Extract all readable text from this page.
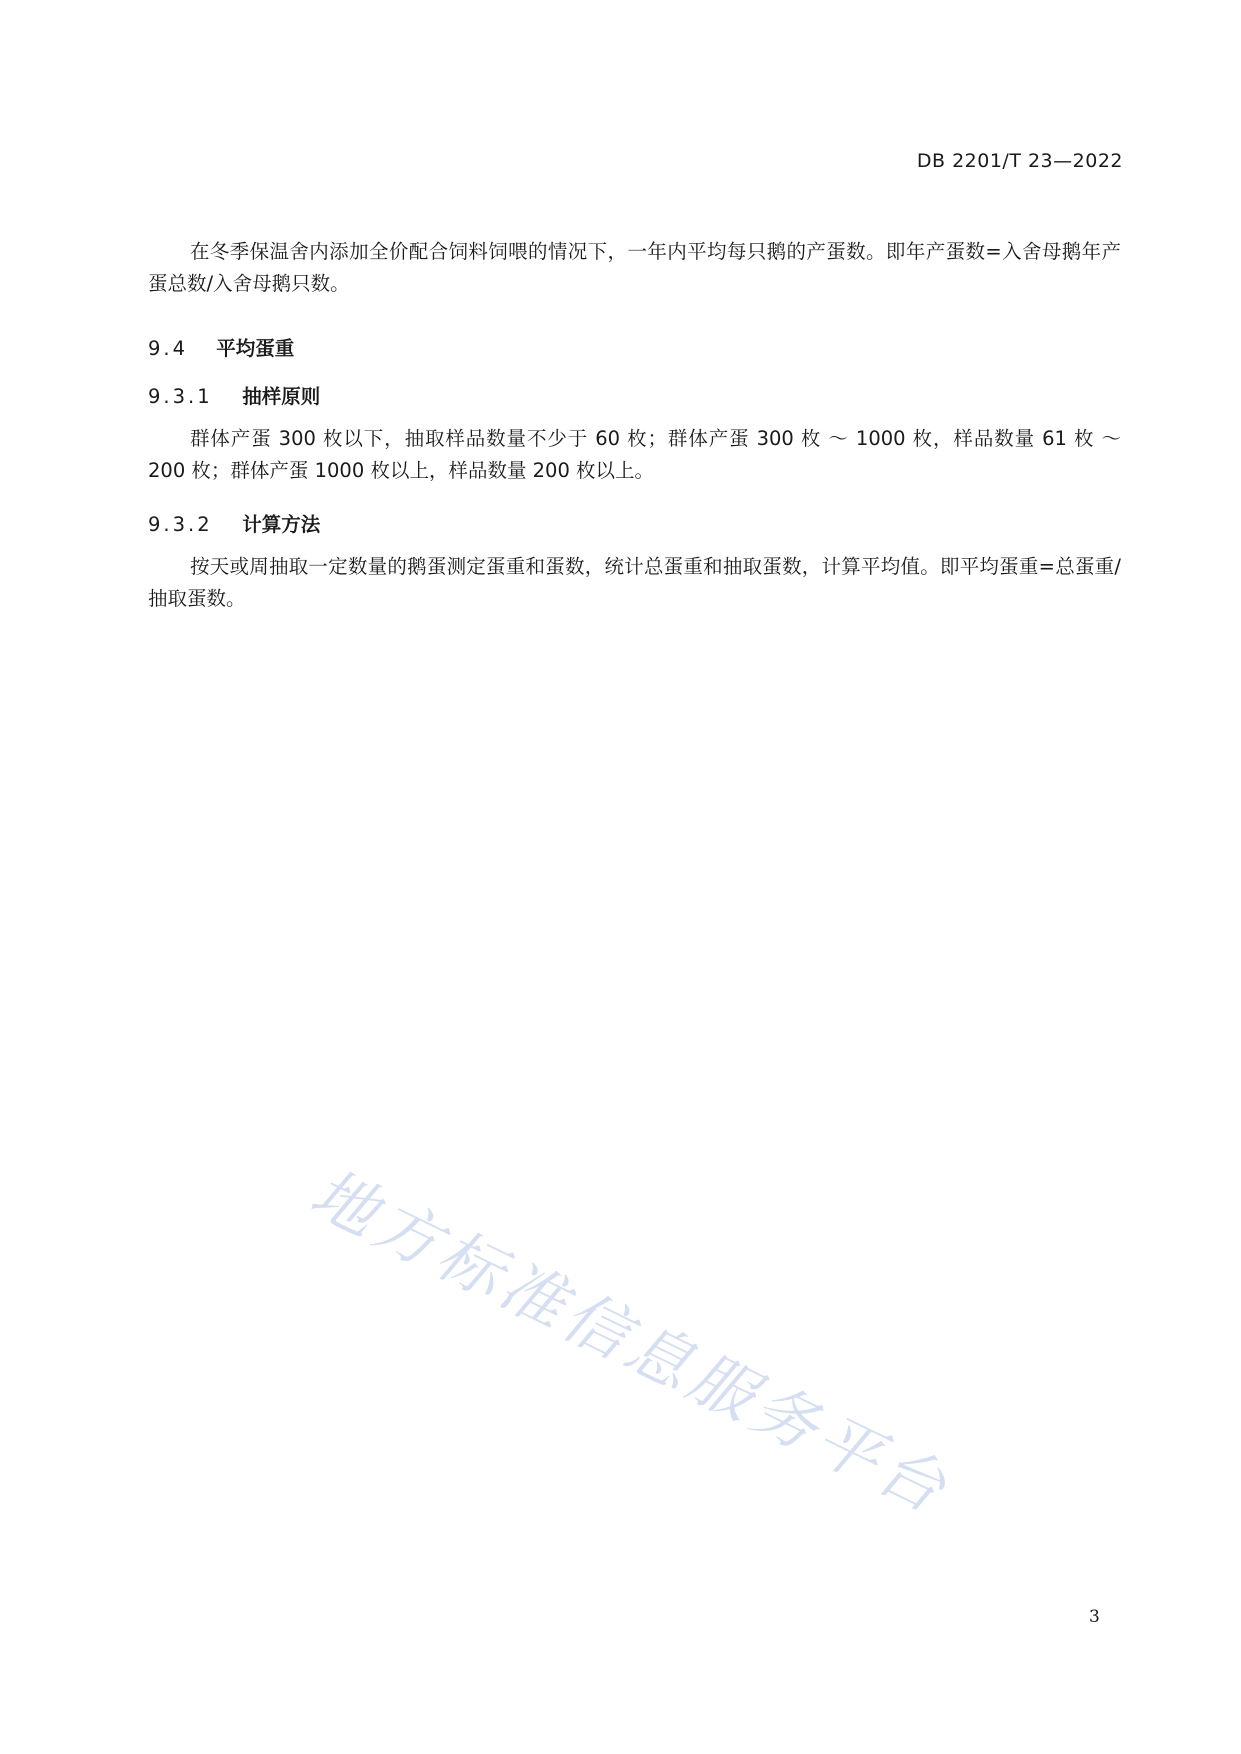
DB 2201/T 23—2022

在冬季保温舍内添加全价配合饲料饲喂的情况下，一年内平均每只鹅的产蛋数。即年产蛋数=入舍母鹅年产蛋总数/入舍母鹅只数。

9.4 平均蛋重
9.3.1 抽样原则

群体产蛋 300 枚以下，抽取样品数量不少于 60 枚；群体产蛋 300 枚 ～ 1000 枚，样品数量 61 枚 ～ 200 枚；群体产蛋 1000 枚以上，样品数量 200 枚以上。

9.3.2 计算方法

按天或周抽取一定数量的鹅蛋测定蛋重和蛋数，统计总蛋重和抽取蛋数，计算平均值。即平均蛋重=总蛋重/抽取蛋数。

地方标准信息服务平台
3
